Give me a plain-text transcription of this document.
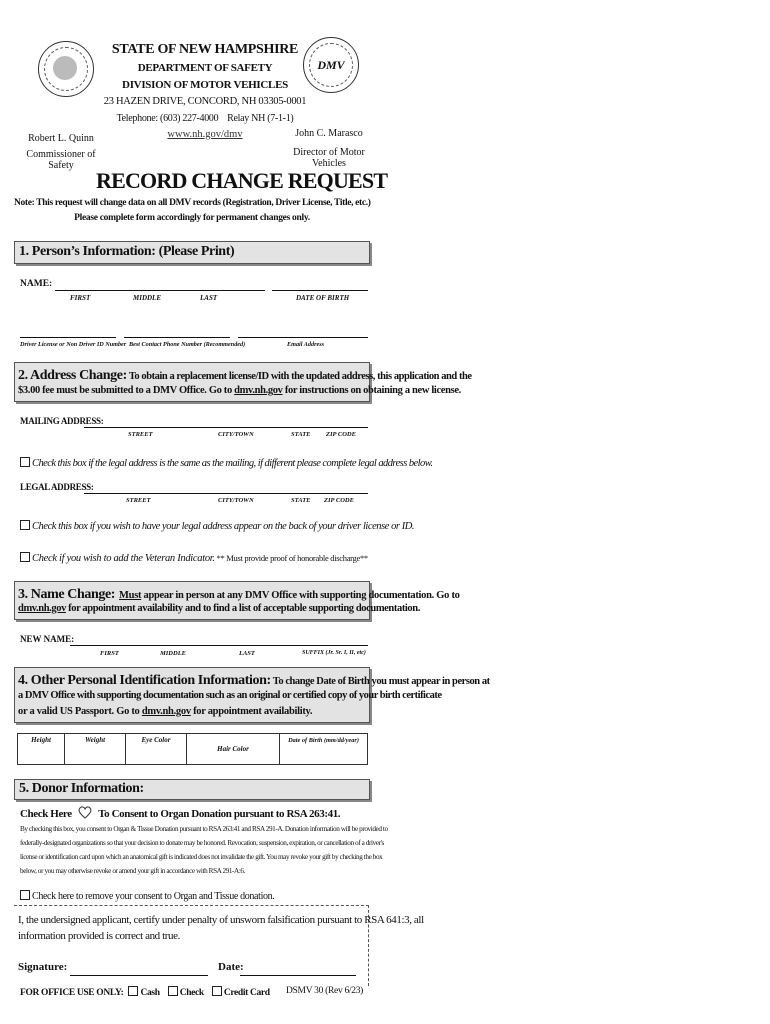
DMV
STATE OF NEW HAMPSHIRE
DEPARTMENT OF SAFETY
DIVISION OF MOTOR VEHICLES
23 HAZEN DRIVE, CONCORD, NH 03305-0001
Telephone: (603) 227-4000    Relay NH (7-1-1)
www.nh.gov/dmv
Robert L. Quinn
Commissioner of Safety
John C. Marasco
Director of Motor Vehicles
RECORD CHANGE REQUEST
Note: This request will change data on all DMV records (Registration, Driver License, Title, etc.)
Please complete form accordingly for permanent changes only.
1. Person’s Information: (Please Print)
NAME:
FIRST	MIDDLE	LAST	DATE OF BIRTH
Driver License or Non Driver ID Number Best Contact Phone Number (Recommended)	Email Address
2. Address Change: To obtain a replacement license/ID with the updated address, this application and the
$3.00 fee must be submitted to a DMV Office. Go to dmv.nh.gov for instructions on obtaining a new license.
MAILING ADDRESS:
STREET	CITY/TOWN	STATE ZIP CODE
Check this box if the legal address is the same as the mailing, if different please complete legal address below.
LEGAL ADDRESS:
STREET	CITY/TOWN	STATE ZIP CODE
Check this box if you wish to have your legal address appear on the back of your driver license or ID.
Check if you wish to add the Veteran Indicator. ** Must provide proof of honorable discharge**
3. Name Change: Must appear in person at any DMV Office with supporting documentation. Go to
dmv.nh.gov for appointment availability and to find a list of acceptable supporting documentation.
NEW NAME:
FIRST	MIDDLE	LAST	SUFFIX (Jr. Sr. I, II, etc)
4. Other Personal Identification Information: To change Date of Birth you must appear in person at
a DMV Office with supporting documentation such as an original or certified copy of your birth certificate
or a valid US Passport. Go to dmv.nh.gov for appointment availability.
Height	Weight	Eye Color	Hair Color	Date of Birth (mm/dd/year)
5. Donor Information:
Check Here To Consent to Organ Donation pursuant to RSA 263:41.
By checking this box, you consent to Organ & Tissue Donation pursuant to RSA 263:41 and RSA 291-A. Donation information will be provided to
federally-designated organizations so that your decision to donate may be honored. Revocation, suspension, expiration, or cancellation of a driver's
license or identification card upon which an anatomical gift is indicated does not invalidate the gift. You may revoke your gift by checking the box
below, or you may otherwise revoke or amend your gift in accordance with RSA 291-A:6.
Check here to remove your consent to Organ and Tissue donation.
I, the undersigned applicant, certify under penalty of unsworn falsification pursuant to RSA 641:3, all
information provided is correct and true.
Signature:	Date:
FOR OFFICE USE ONLY: Cash Check Credit Card DSMV 30 (Rev 6/23)
